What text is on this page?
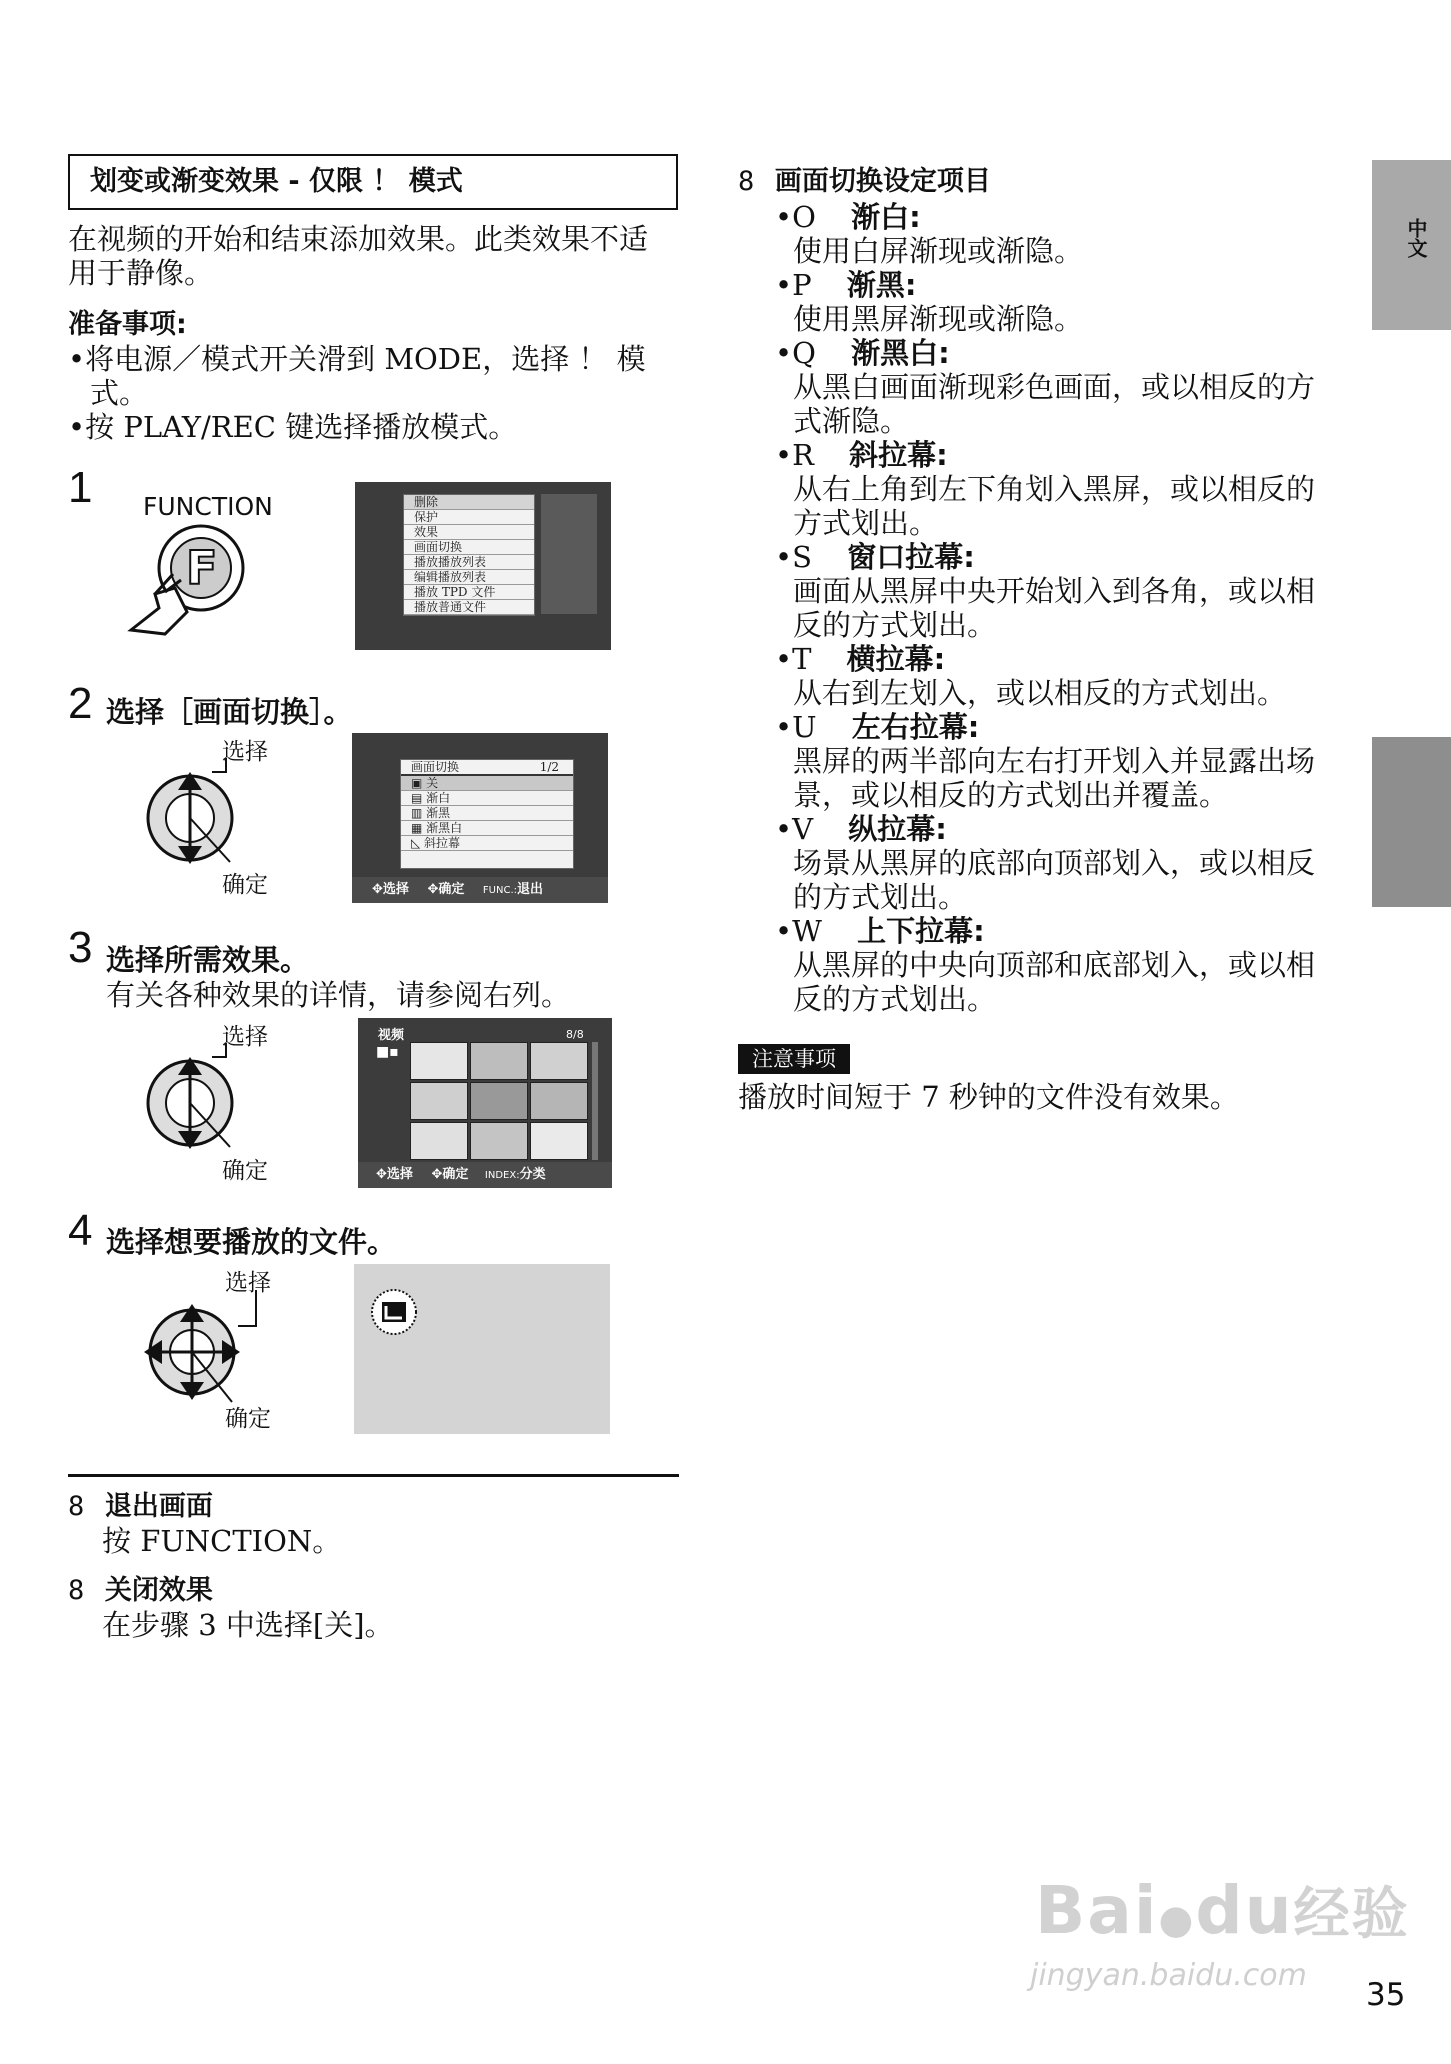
划变或渐变效果 - 仅限 ！ 模式
在视频的开始和结束添加效果。此类效果不适
用于静像。
准备事项:
•将电源／模式开关滑到 MODE，选择 ！ 模
式。
•按 PLAY/REC 键选择播放模式。
1 FUNCTION
F
删除
保护
效果
画面切换
播放播放列表
编辑播放列表
播放 TPD 文件
播放普通文件
2 选择［画面切换］。
选择
确定
画面切换	1/2
▣ 关
▤ 渐白
▥ 渐黑
▦ 渐黑白
◺ 斜拉幕
✥选择 ✥确定 FUNC.:退出
3 选择所需效果。
有关各种效果的详情，请参阅右列。
选择
确定
视频	8/8
■▪
✥选择 ✥确定 INDEX:分类
4 选择想要播放的文件。
选择
确定
8 退出画面
按 FUNCTION。
8 关闭效果
在步骤 3 中选择[关]。
8 画面切换设定项目
•O 渐白:
使用白屏渐现或渐隐。
•P 渐黑:
使用黑屏渐现或渐隐。
•Q 渐黑白:
从黑白画面渐现彩色画面，或以相反的方
式渐隐。
•R 斜拉幕:
从右上角到左下角划入黑屏，或以相反的
方式划出。
•S 窗口拉幕:
画面从黑屏中央开始划入到各角，或以相
反的方式划出。
•T 横拉幕:
从右到左划入，或以相反的方式划出。
•U 左右拉幕:
黑屏的两半部向左右打开划入并显露出场
景，或以相反的方式划出并覆盖。
•V 纵拉幕:
场景从黑屏的底部向顶部划入，或以相反
的方式划出。
•W 上下拉幕:
从黑屏的中央向顶部和底部划入，或以相
反的方式划出。
注意事项
播放时间短于 7 秒钟的文件没有效果。
中文
Bai●du经验
jingyan.baidu.com
35
